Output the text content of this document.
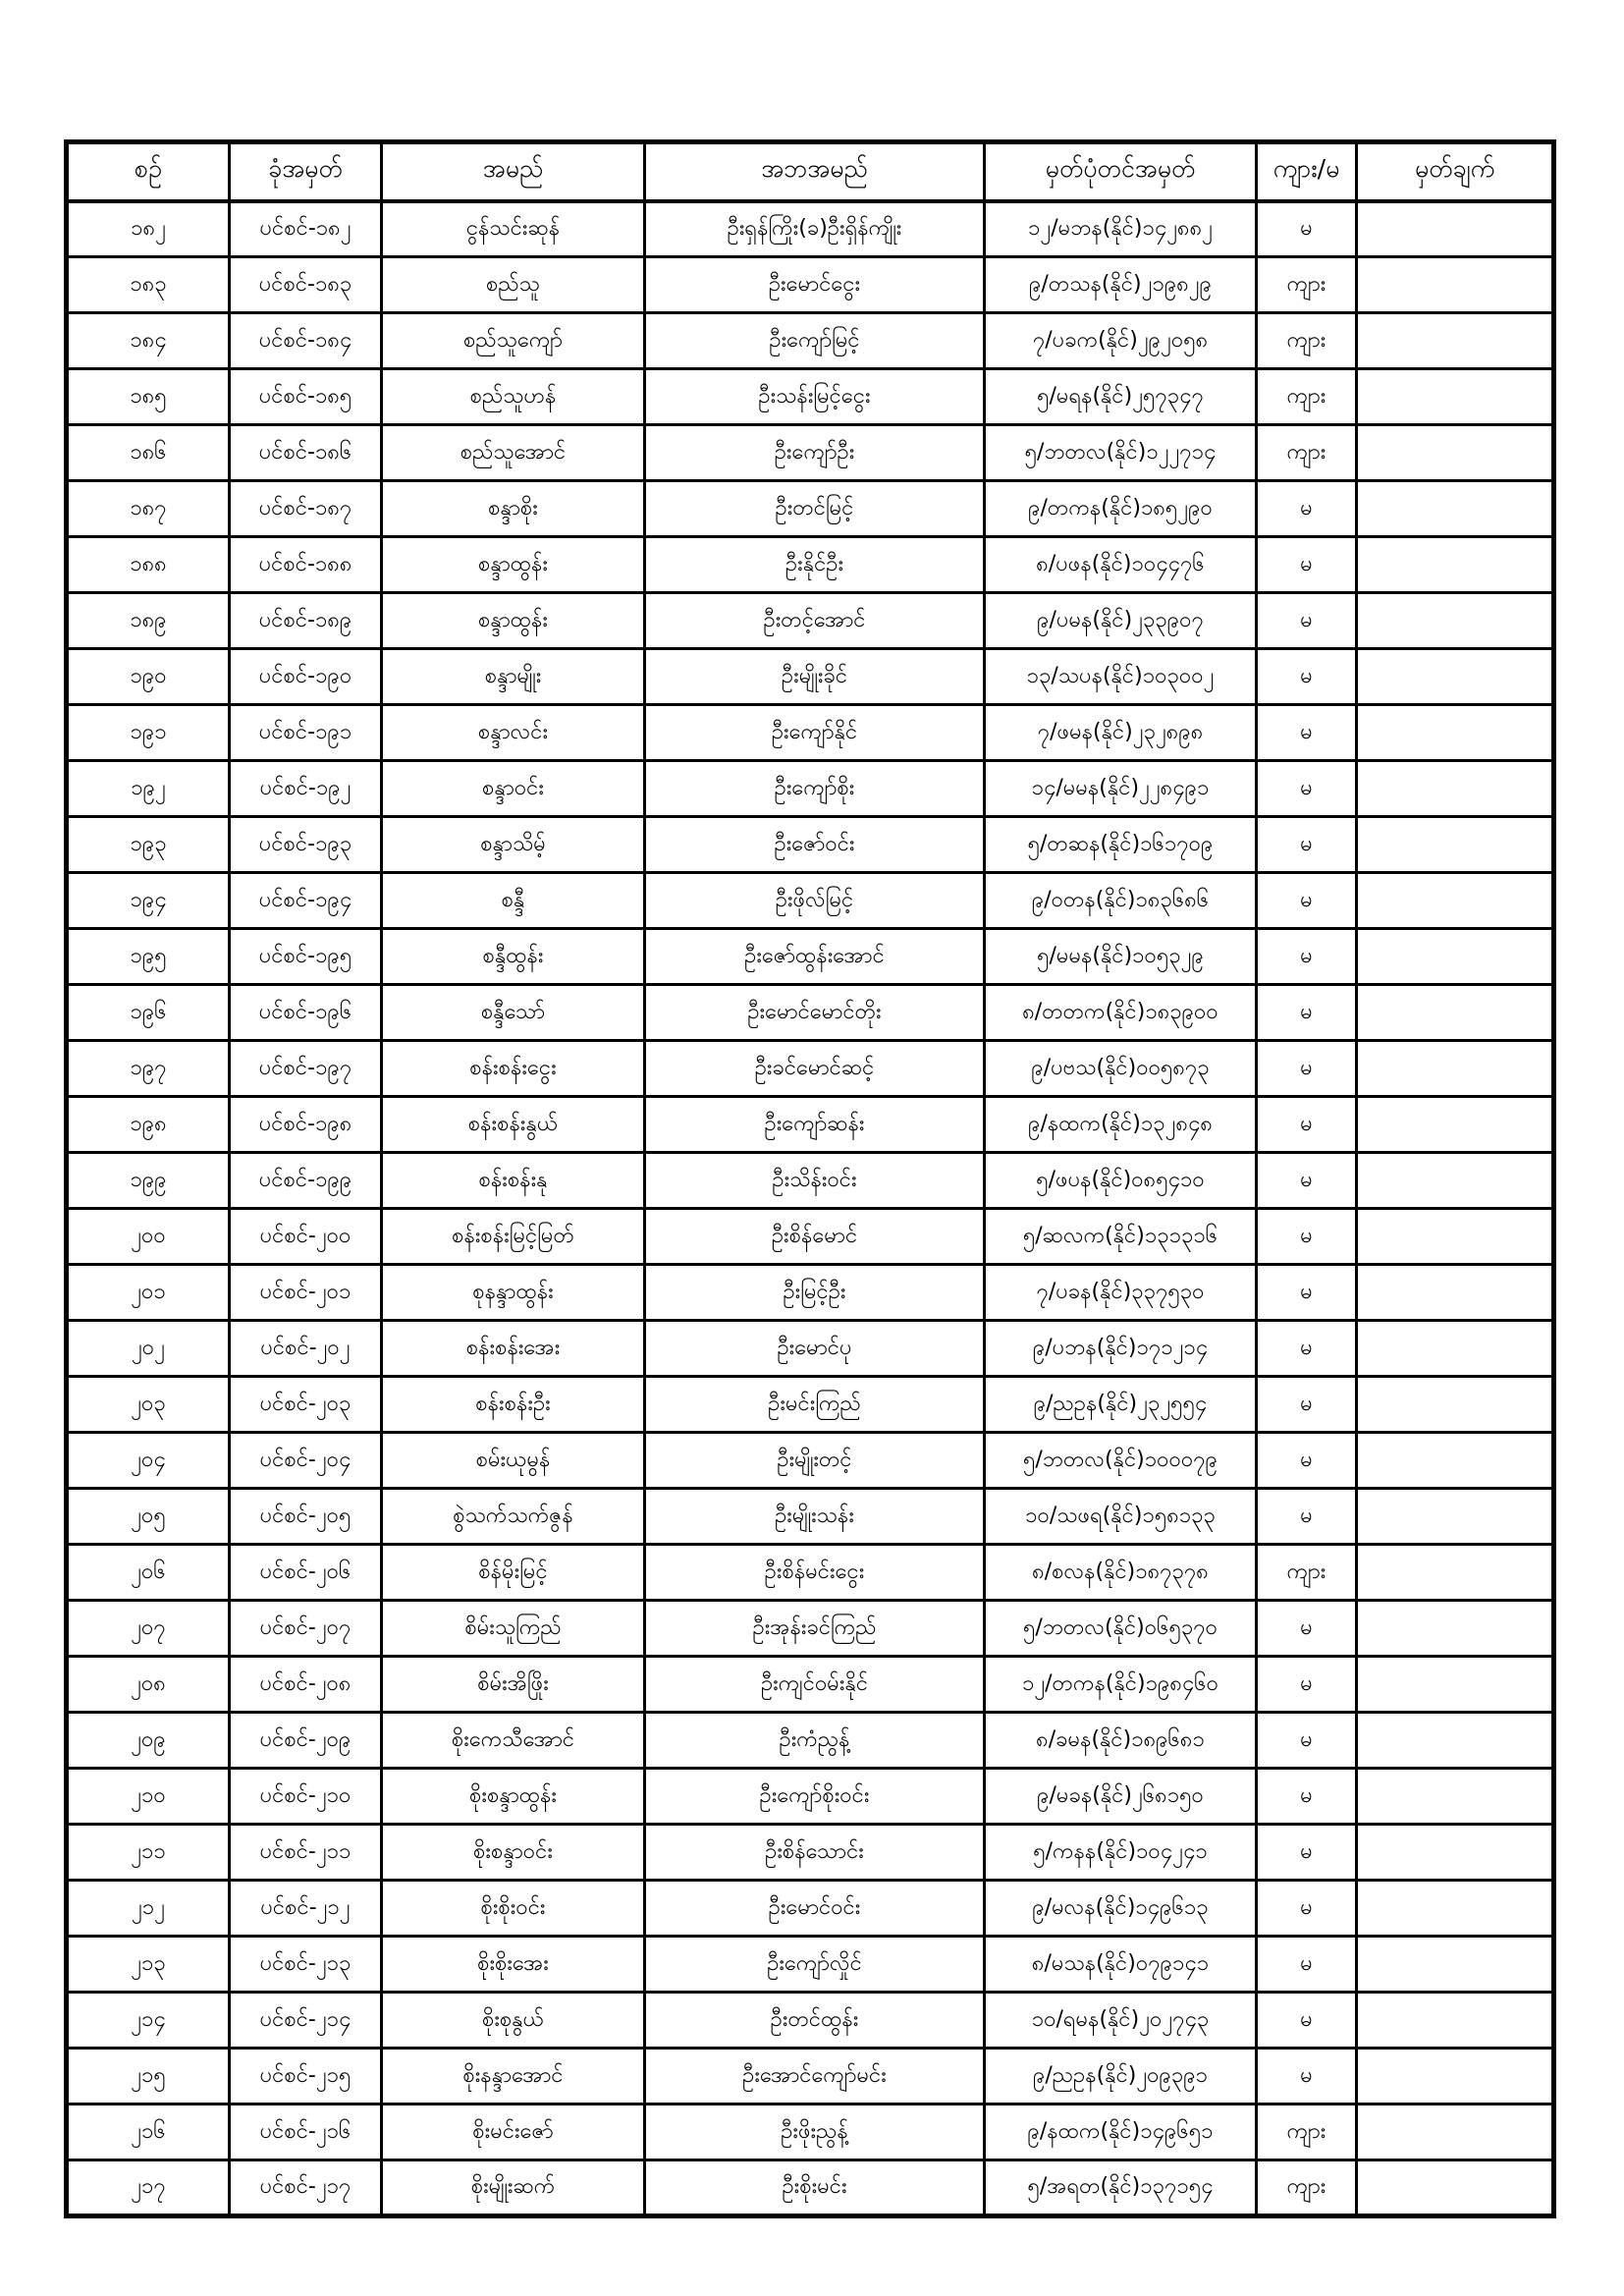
စဉ်	ခုံအမှတ်	အမည်	အဘအမည်	မှတ်ပုံတင်အမှတ်	ကျား/မ	မှတ်ချက်
၁၈၂	ပင်စင်-၁၈၂	ငွန်သင်းဆုန်	ဦးရှန်ကြိုး(ခ)ဦးရှိန်ကျိုး	၁၂/မဘန(နိုင်)၁၄၂၈၈၂	မ	
၁၈၃	ပင်စင်-၁၈၃	စည်သူ	ဦးမောင်ငွေး	၉/တသန(နိုင်)၂၁၉၈၂၉	ကျား	
၁၈၄	ပင်စင်-၁၈၄	စည်သူကျော်	ဦးကျော်မြင့်	၇/ပခက(နိုင်)၂၉၂၀၅၈	ကျား	
၁၈၅	ပင်စင်-၁၈၅	စည်သူဟန်	ဦးသန်းမြင့်ငွေး	၅/မရန(နိုင်)၂၅၇၃၄၇	ကျား	
၁၈၆	ပင်စင်-၁၈၆	စည်သူအောင်	ဦးကျော်ဦး	၅/ဘတလ(နိုင်)၁၂၂၇၁၄	ကျား	
၁၈၇	ပင်စင်-၁၈၇	စန္ဒာစိုး	ဦးတင်မြင့်	၉/တကန(နိုင်)၁၈၅၂၉၀	မ	
၁၈၈	ပင်စင်-၁၈၈	စန္ဒာထွန်း	ဦးနိုင်ဦး	၈/ပဖန(နိုင်)၁၀၄၄၇၆	မ	
၁၈၉	ပင်စင်-၁၈၉	စန္ဒာထွန်း	ဦးတင့်အောင်	၉/ပမန(နိုင်)၂၃၃၉၀၇	မ	
၁၉၀	ပင်စင်-၁၉၀	စန္ဒာမျိုး	ဦးမျိုးခိုင်	၁၃/သပန(နိုင်)၁၀၃၀၀၂	မ	
၁၉၁	ပင်စင်-၁၉၁	စန္ဒာလင်း	ဦးကျော်နိုင်	၇/ဖမန(နိုင်)၂၃၂၈၉၈	မ	
၁၉၂	ပင်စင်-၁၉၂	စန္ဒာဝင်း	ဦးကျော်စိုး	၁၄/မမန(နိုင်)၂၂၈၄၉၁	မ	
၁၉၃	ပင်စင်-၁၉၃	စန္ဒာသိမ့်	ဦးဇော်ဝင်း	၅/တဆန(နိုင်)၁၆၁၇၀၉	မ	
၁၉၄	ပင်စင်-၁၉၄	စန္ဒီ	ဦးဖိုလ်မြင့်	၉/ဝတန(နိုင်)၁၈၃၆၈၆	မ	
၁၉၅	ပင်စင်-၁၉၅	စန္ဒီထွန်း	ဦးဇော်ထွန်းအောင်	၅/မမန(နိုင်)၁၀၅၃၂၉	မ	
၁၉၆	ပင်စင်-၁၉၆	စန္ဒီသော်	ဦးမောင်မောင်တိုး	၈/တတက(နိုင်)၁၈၃၉၀၀	မ	
၁၉၇	ပင်စင်-၁၉၇	စန်းစန်းငွေး	ဦးခင်မောင်ဆင့်	၉/ပဗသ(နိုင်)၀၀၅၈၇၃	မ	
၁၉၈	ပင်စင်-၁၉၈	စန်းစန်းနွယ်	ဦးကျော်ဆန်း	၉/နထက(နိုင်)၁၃၂၈၄၈	မ	
၁၉၉	ပင်စင်-၁၉၉	စန်းစန်းနု	ဦးသိန်းဝင်း	၅/ဖပန(နိုင်)၀၈၅၄၁၀	မ	
၂၀၀	ပင်စင်-၂၀၀	စန်းစန်းမြင့်မြတ်	ဦးစိန်မောင်	၅/ဆလက(နိုင်)၁၃၁၃၁၆	မ	
၂၀၁	ပင်စင်-၂၀၁	စုနန္ဒာထွန်း	ဦးမြင့်ဦး	၇/ပခန(နိုင်)၃၃၇၅၃၀	မ	
၂၀၂	ပင်စင်-၂၀၂	စန်းစန်းအေး	ဦးမောင်ပု	၉/ပဘန(နိုင်)၁၇၁၂၁၄	မ	
၂၀၃	ပင်စင်-၂၀၃	စန်းစန်းဦး	ဦးမင်းကြည်	၉/ညဥန(နိုင်)၂၃၂၅၅၄	မ	
၂၀၄	ပင်စင်-၂၀၄	စမ်းယုမွန်	ဦးမျိုးတင့်	၅/ဘတလ(နိုင်)၁၀၀၀၇၉	မ	
၂၀၅	ပင်စင်-၂၀၅	စွဲသက်သက်ဇွန်	ဦးမျိုးသန်း	၁၀/သဖရ(နိုင်)၁၅၈၁၃၃	မ	
၂၀၆	ပင်စင်-၂၀၆	စိန်မိုးမြင့်	ဦးစိန်မင်းငွေး	၈/စလန(နိုင်)၁၈၇၃၇၈	ကျား	
၂၀၇	ပင်စင်-၂၀၇	စိမ်းသူကြည်	ဦးအုန်းခင်ကြည်	၅/ဘတလ(နိုင်)၀၆၅၃၇၀	မ	
၂၀၈	ပင်စင်-၂၀၈	စိမ်းအိဖြိုး	ဦးကျင်ဝမ်းနိုင်	၁၂/တကန(နိုင်)၁၉၈၄၆၀	မ	
၂၀၉	ပင်စင်-၂၀၉	စိုးကေသီအောင်	ဦးကံညွန့်	၈/ခမန(နိုင်)၁၈၉၆၈၁	မ	
၂၁၀	ပင်စင်-၂၁၀	စိုးစန္ဒာထွန်း	ဦးကျော်စိုးဝင်း	၉/မခန(နိုင်)၂၆၈၁၅၀	မ	
၂၁၁	ပင်စင်-၂၁၁	စိုးစန္ဒာဝင်း	ဦးစိန်သောင်း	၅/ကနန(နိုင်)၁၀၄၂၄၁	မ	
၂၁၂	ပင်စင်-၂၁၂	စိုးစိုးဝင်း	ဦးမောင်ဝင်း	၉/မလန(နိုင်)၁၄၉၆၁၃	မ	
၂၁၃	ပင်စင်-၂၁၃	စိုးစိုးအေး	ဦးကျော်လှိုင်	၈/မသန(နိုင်)၀၇၉၁၄၁	မ	
၂၁၄	ပင်စင်-၂၁၄	စိုးစုနွယ်	ဦးတင်ထွန်း	၁၀/ရမန(နိုင်)၂၀၂၇၄၃	မ	
၂၁၅	ပင်စင်-၂၁၅	စိုးနန္ဒာအောင်	ဦးအောင်ကျော်မင်း	၉/ညဥန(နိုင်)၂၀၉၃၉၁	မ	
၂၁၆	ပင်စင်-၂၁၆	စိုးမင်းဇော်	ဦးဖိုးညွန့်	၉/နထက(နိုင်)၁၄၉၆၅၁	ကျား	
၂၁၇	ပင်စင်-၂၁၇	စိုးမျိုးဆက်	ဦးစိုးမင်း	၅/အရတ(နိုင်)၁၃၇၁၅၄	ကျား	
